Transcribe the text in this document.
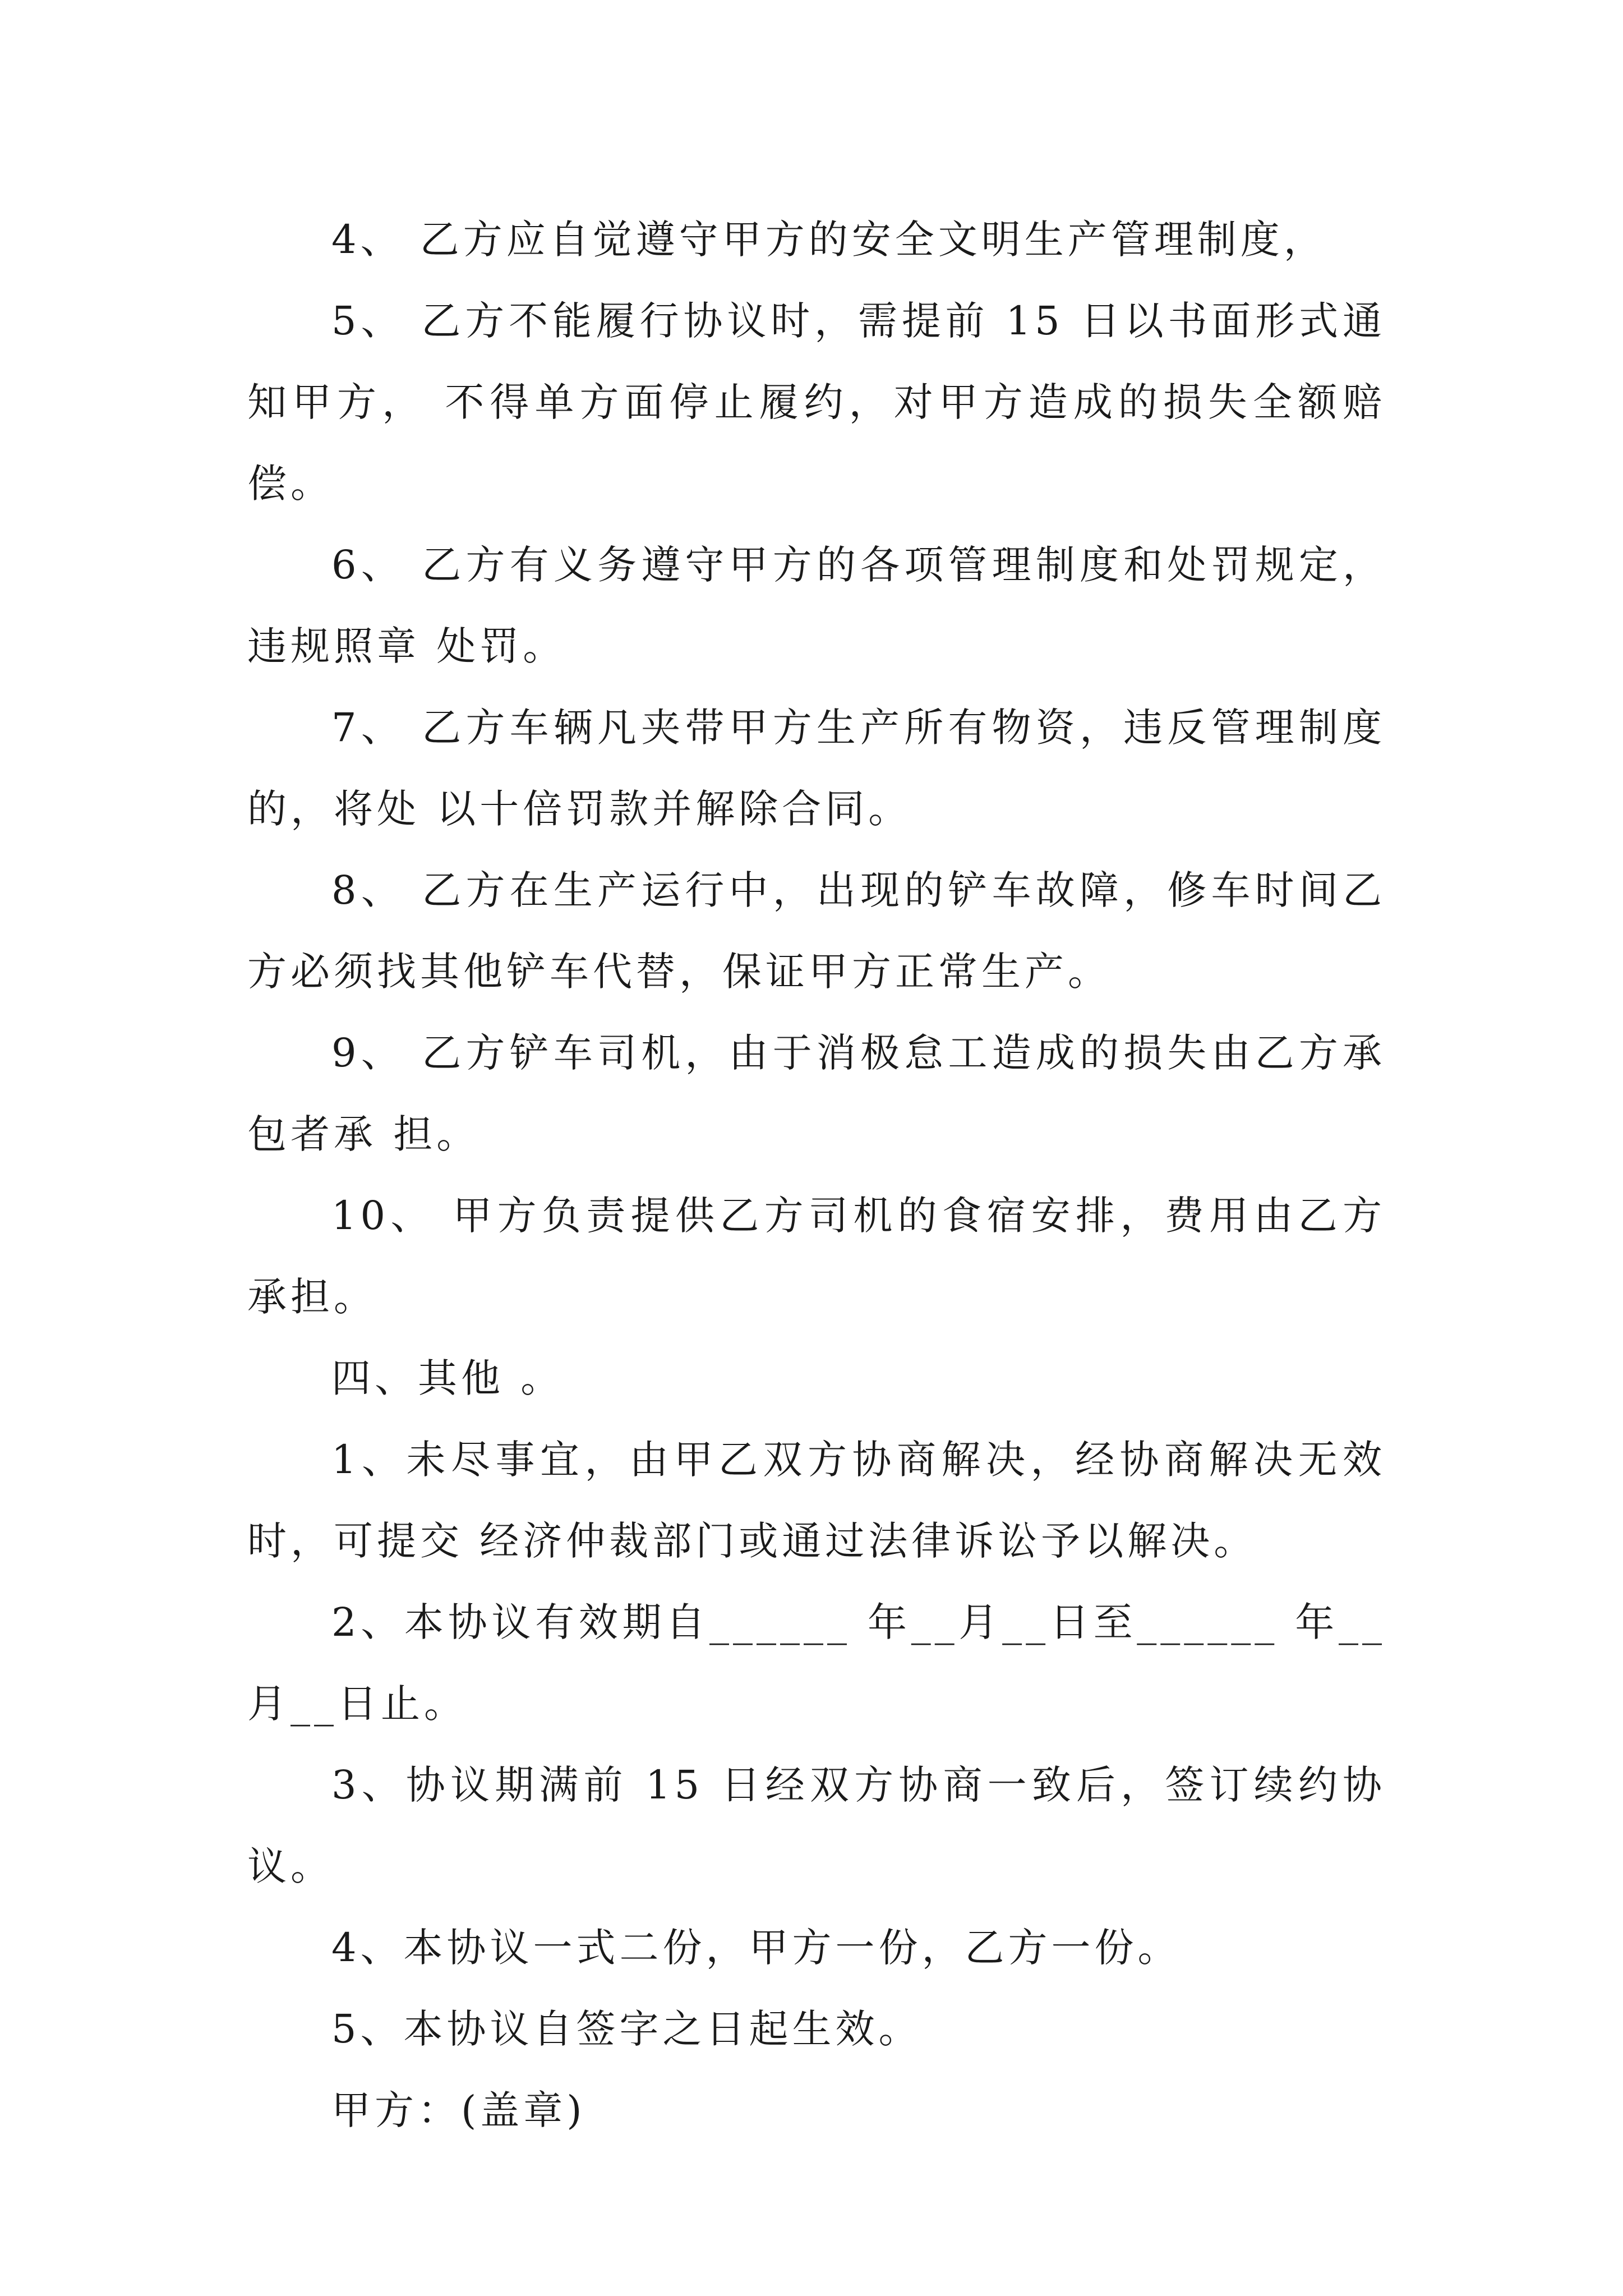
4、 乙方应自觉遵守甲方的安全文明生产管理制度，

5、 乙方不能履行协议时，需提前 15 日以书面形式通知甲方， 不得单方面停止履约，对甲方造成的损失全额赔偿。

6、 乙方有义务遵守甲方的各项管理制度和处罚规定，违规照章 处罚。

7、 乙方车辆凡夹带甲方生产所有物资，违反管理制度的，将处 以十倍罚款并解除合同。

8、 乙方在生产运行中，出现的铲车故障，修车时间乙方必须找其他铲车代替，保证甲方正常生产。

9、 乙方铲车司机，由于消极怠工造成的损失由乙方承包者承 担。

10、 甲方负责提供乙方司机的食宿安排，费用由乙方承担。

四、其他 。

1、未尽事宜，由甲乙双方协商解决，经协商解决无效时，可提交 经济仲裁部门或通过法律诉讼予以解决。

2、本协议有效期自______ 年__月__日至______ 年__月__日止。

3、协议期满前 15 日经双方协商一致后，签订续约协议。

4、本协议一式二份，甲方一份，乙方一份。

5、本协议自签字之日起生效。

甲方：(盖章)
